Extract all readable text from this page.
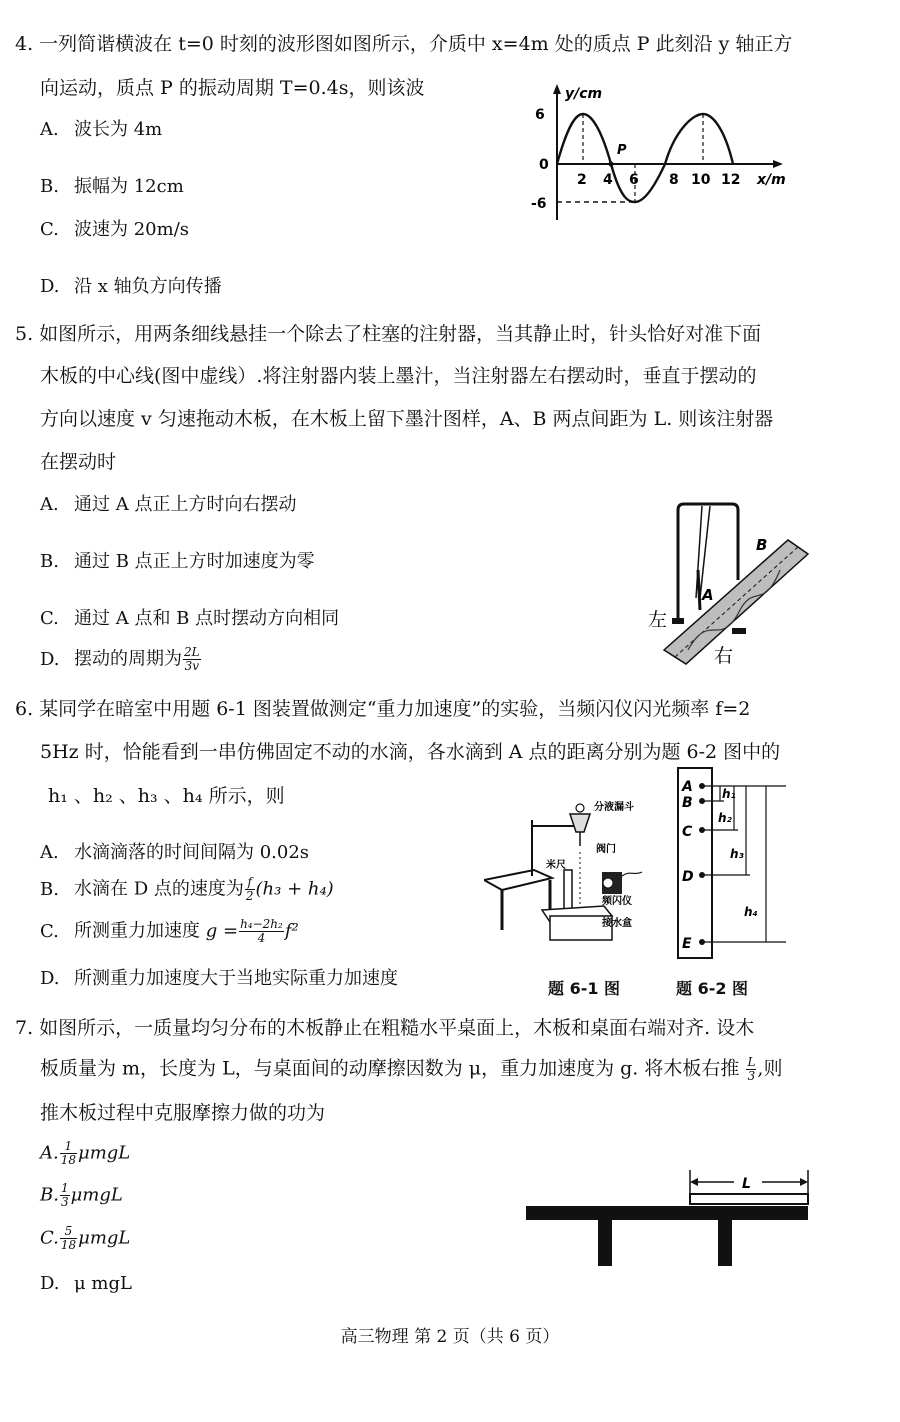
4. 一列简谐横波在 t=0 时刻的波形图如图所示，介质中 x=4m 处的质点 P 此刻沿 y 轴正方
向运动，质点 P 的振动周期 T=0.4s，则该波
A. 波长为 4m
B. 振幅为 12cm
C. 波速为 20m/s
D. 沿 x 轴负方向传播
y/cm
x/m
6
0
-6
P
2 4 6 8 10 12
5. 如图所示，用两条细线悬挂一个除去了柱塞的注射器，当其静止时，针头恰好对准下面
木板的中心线(图中虚线）.将注射器内装上墨汁，当注射器左右摆动时，垂直于摆动的
方向以速度 v 匀速拖动木板，在木板上留下墨汁图样，A、B 两点间距为 L. 则该注射器
在摆动时
A. 通过 A 点正上方时向右摆动
B. 通过 B 点正上方时加速度为零
C. 通过 A 点和 B 点时摆动方向相同
D. 摆动的周期为 $\frac{2L}{3v}$
A
B
左
右
6. 某同学在暗室中用题 6-1 图装置做测定“重力加速度”的实验，当频闪仪闪光频率 f=2
5Hz 时，恰能看到一串仿佛固定不动的水滴，各水滴到 A 点的距离分别为题 6-2 图中的
h₁ 、h₂ 、h₃ 、h₄ 所示，则
A. 水滴滴落的时间间隔为 0.02s
B. 水滴在 D 点的速度为 $\frac{f}{2} (h_3 + h_4)$
C. 所测重力加速度 $g = \frac{\text{h₄−2h₂}}{4} f^2$
D. 所测重力加速度大于当地实际重力加速度
分液漏斗
阀门
米尺
频闪仪
接水盒
题 6-1 图
A
B
C
D
E
h₁
h₂
h₃
h₄
题 6-2 图
7. 如图所示，一质量均匀分布的木板静止在粗糙水平桌面上，木板和桌面右端对齐. 设木
板质量为 m，长度为 L，与桌面间的动摩擦因数为 μ，重力加速度为 g. 将木板右推 $\frac{L}{3}$ ,则
推木板过程中克服摩擦力做的功为
A. $\frac{1}{18}$ μmgL
B. $\frac{1}{3}$ μmgL
C. $\frac{5}{18}$ μmgL
D. μ mgL
L
高三物理 第 2 页（共 6 页）
